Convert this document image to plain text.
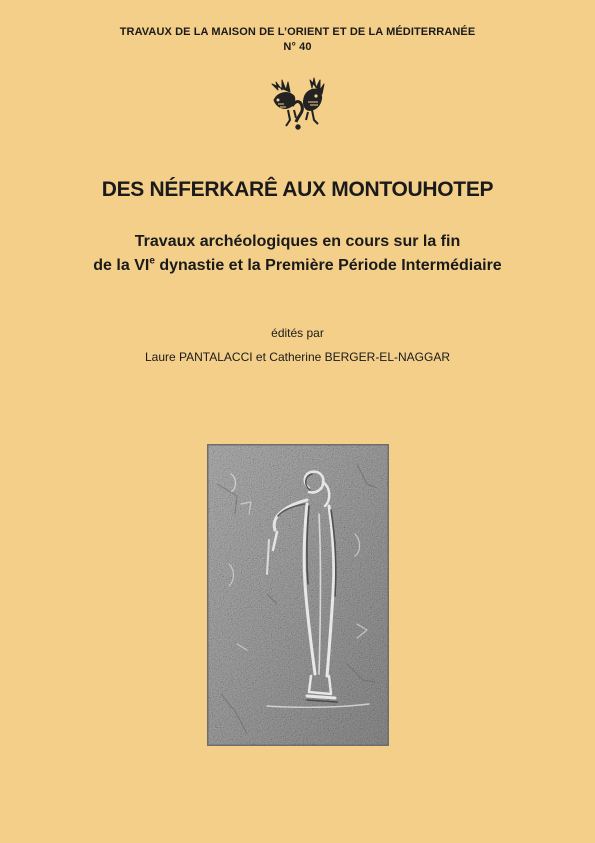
TRAVAUX DE LA MAISON DE L’ORIENT ET DE LA MÉDITERRANÉE
N° 40
DES NÉFERKARÊ AUX MONTOUHOTEP
Travaux archéologiques en cours sur la fin
de la VIe dynastie et la Première Période Intermédiaire
édités par
Laure PANTALACCI et Catherine BERGER-EL-NAGGAR
